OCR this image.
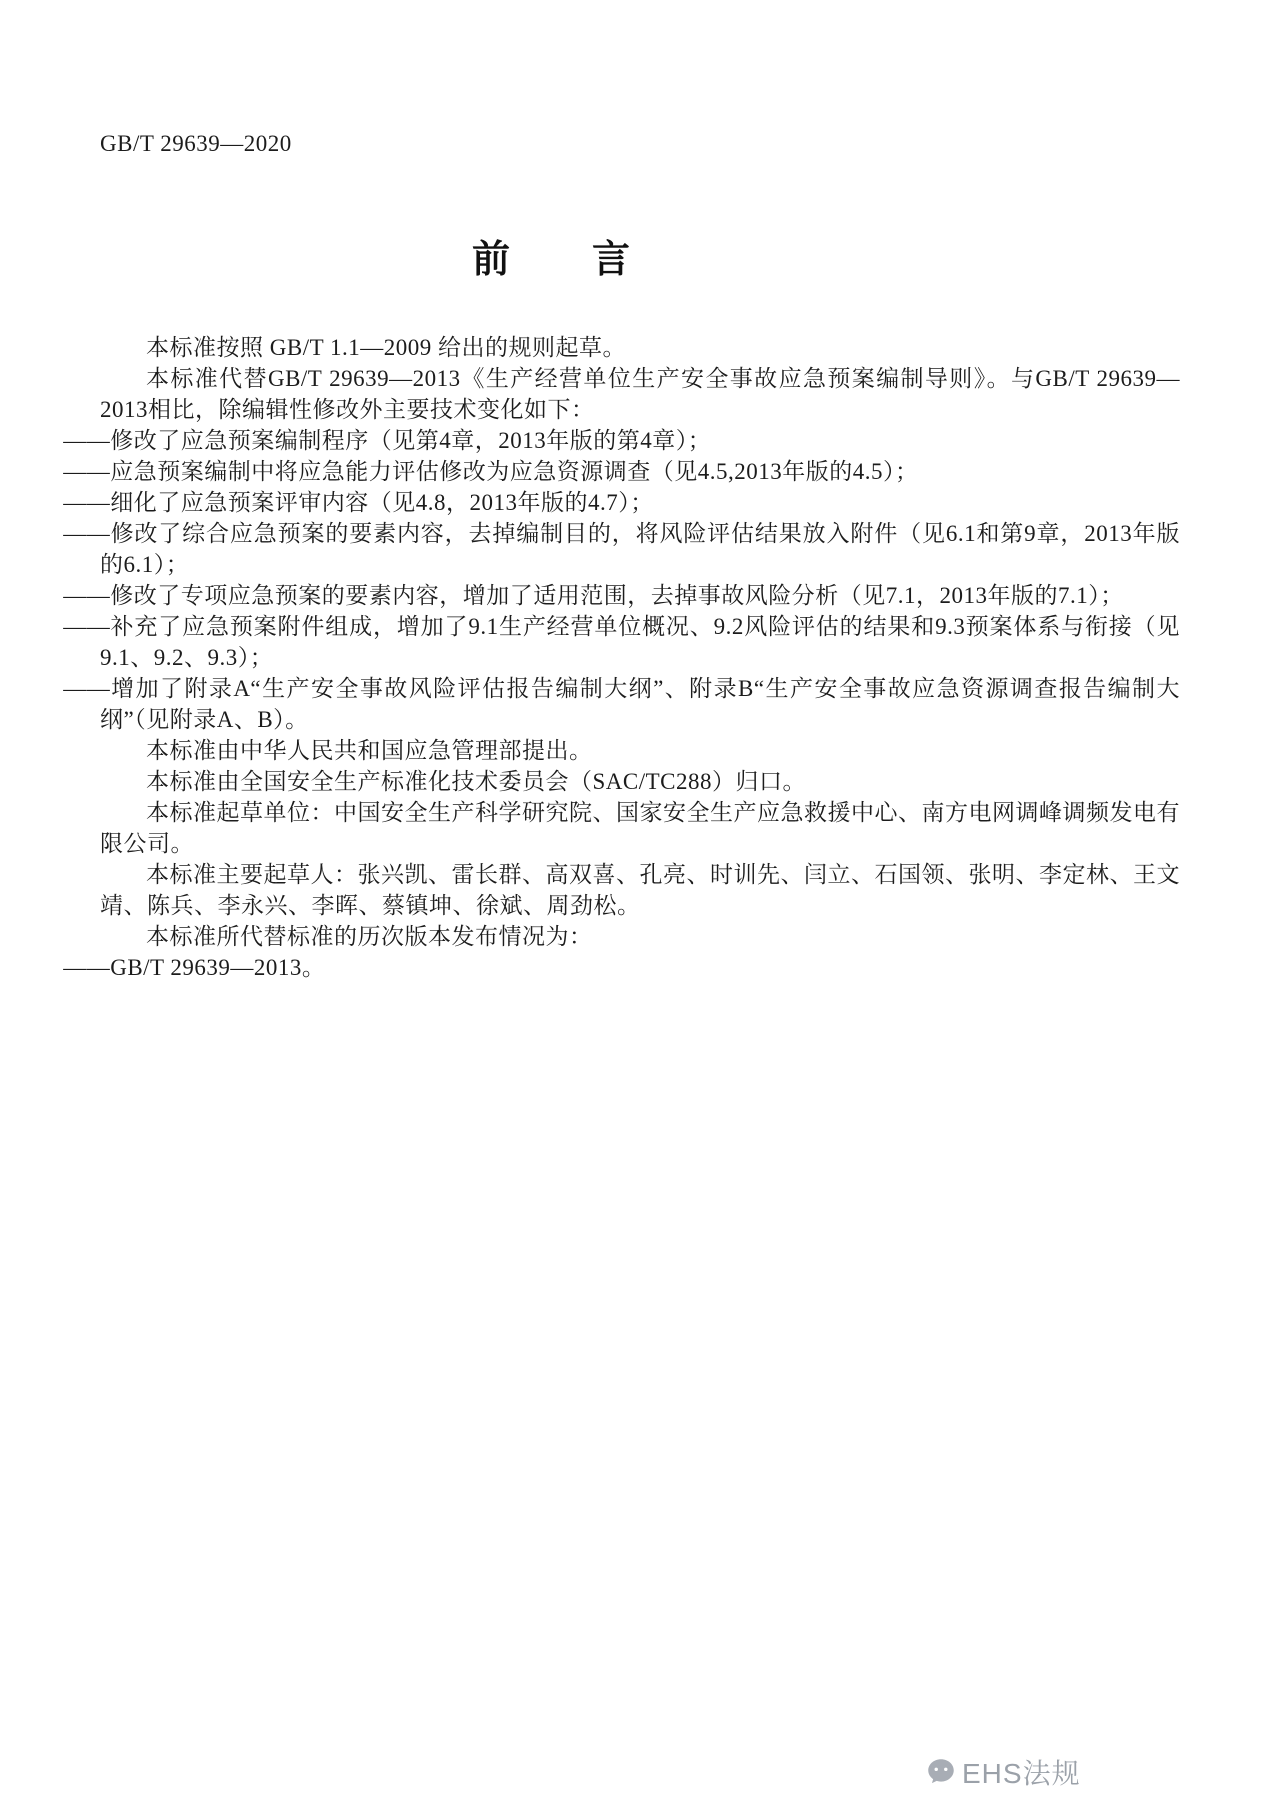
GB/T 29639—2020
前　　言

本标准按照 GB/T 1.1—2009 给出的规则起草。

本标准代替GB/T 29639—2013《生产经营单位生产安全事故应急预案编制导则》。与GB/T 29639—2013相比，除编辑性修改外主要技术变化如下：

——修改了应急预案编制程序（见第4章，2013年版的第4章）；

——应急预案编制中将应急能力评估修改为应急资源调查（见4.5,2013年版的4.5）；

——细化了应急预案评审内容（见4.8，2013年版的4.7）；

——修改了综合应急预案的要素内容，去掉编制目的，将风险评估结果放入附件（见6.1和第9章，2013年版的6.1）；

——修改了专项应急预案的要素内容，增加了适用范围，去掉事故风险分析（见7.1，2013年版的7.1）；

——补充了应急预案附件组成，增加了9.1生产经营单位概况、9.2风险评估的结果和9.3预案体系与衔接（见9.1、9.2、9.3）；

——增加了附录A“生产安全事故风险评估报告编制大纲”、附录B“生产安全事故应急资源调查报告编制大纲”（见附录A、B）。

本标准由中华人民共和国应急管理部提出。

本标准由全国安全生产标准化技术委员会（SAC/TC288）归口。

本标准起草单位：中国安全生产科学研究院、国家安全生产应急救援中心、南方电网调峰调频发电有限公司。

本标准主要起草人：张兴凯、雷长群、高双喜、孔亮、时训先、闫立、石国领、张明、李定林、王文靖、陈兵、李永兴、李晖、蔡镇坤、徐斌、周劲松。

本标准所代替标准的历次版本发布情况为：

——GB/T 29639—2013。

EHS法规
